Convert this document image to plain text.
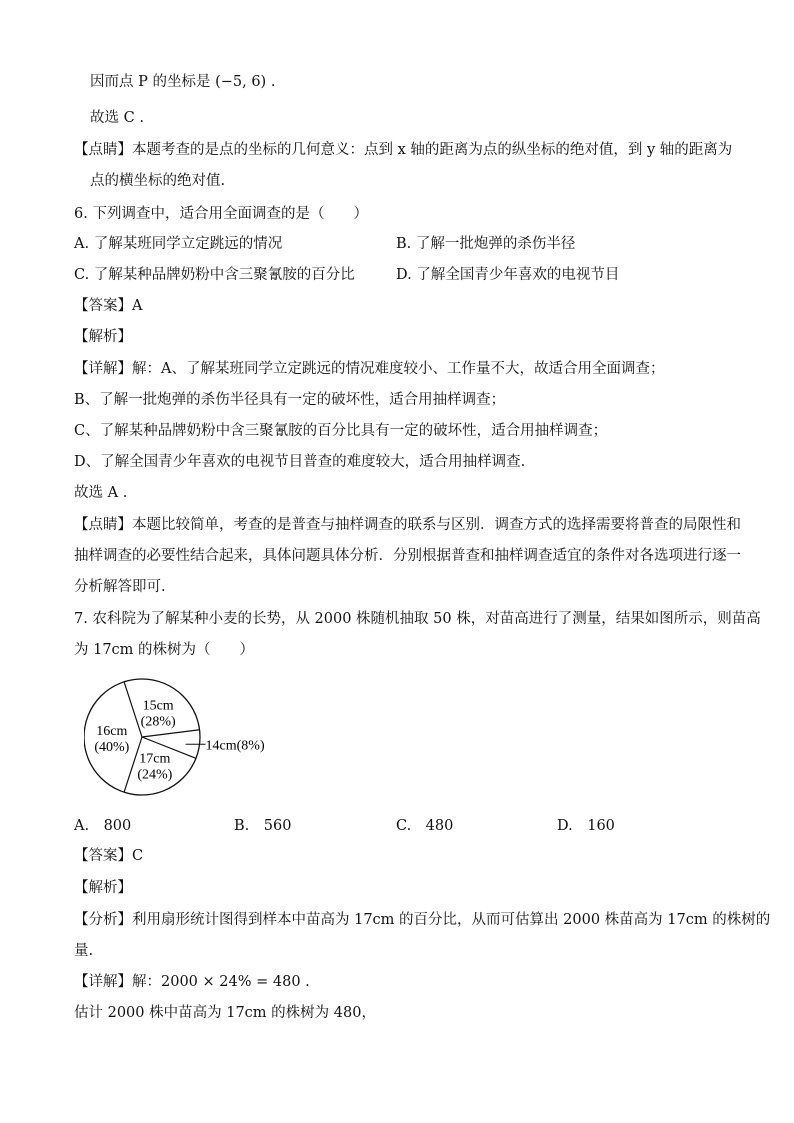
因而点 P 的坐标是 (−5, 6) .
故选 C .
【点睛】本题考查的是点的坐标的几何意义：点到 x 轴的距离为点的纵坐标的绝对值，到 y 轴的距离为
点的横坐标的绝对值.
6. 下列调查中，适合用全面调查的是（　　）
A. 了解某班同学立定跳远的情况	B. 了解一批炮弹的杀伤半径
C. 了解某种品牌奶粉中含三聚氰胺的百分比	D. 了解全国青少年喜欢的电视节目
【答案】A
【解析】
【详解】解：A、了解某班同学立定跳远的情况难度较小、工作量不大，故适合用全面调查；
B、了解一批炮弹的杀伤半径具有一定的破坏性，适合用抽样调查；
C、了解某种品牌奶粉中含三聚氰胺的百分比具有一定的破坏性，适合用抽样调查；
D、了解全国青少年喜欢的电视节目普查的难度较大，适合用抽样调查.
故选 A .
【点睛】本题比较简单，考查的是普查与抽样调查的联系与区别．调查方式的选择需要将普查的局限性和
抽样调查的必要性结合起来，具体问题具体分析．分别根据普查和抽样调查适宜的条件对各选项进行逐一
分析解答即可.
7. 农科院为了解某种小麦的长势，从 2000 株随机抽取 50 株，对苗高进行了测量，结果如图所示，则苗高
为 17cm 的株树为（　　）
15cm
(28%)
14cm(8%)
17cm
(24%)
16cm
(40%)
A.　800	B.　560	C.　480	D.　160
【答案】C
【解析】
【分析】利用扇形统计图得到样本中苗高为 17cm 的百分比，从而可估算出 2000 株苗高为 17cm 的株树的
量.
【详解】解：2000 × 24% = 480 .
估计 2000 株中苗高为 17cm 的株树为 480，
